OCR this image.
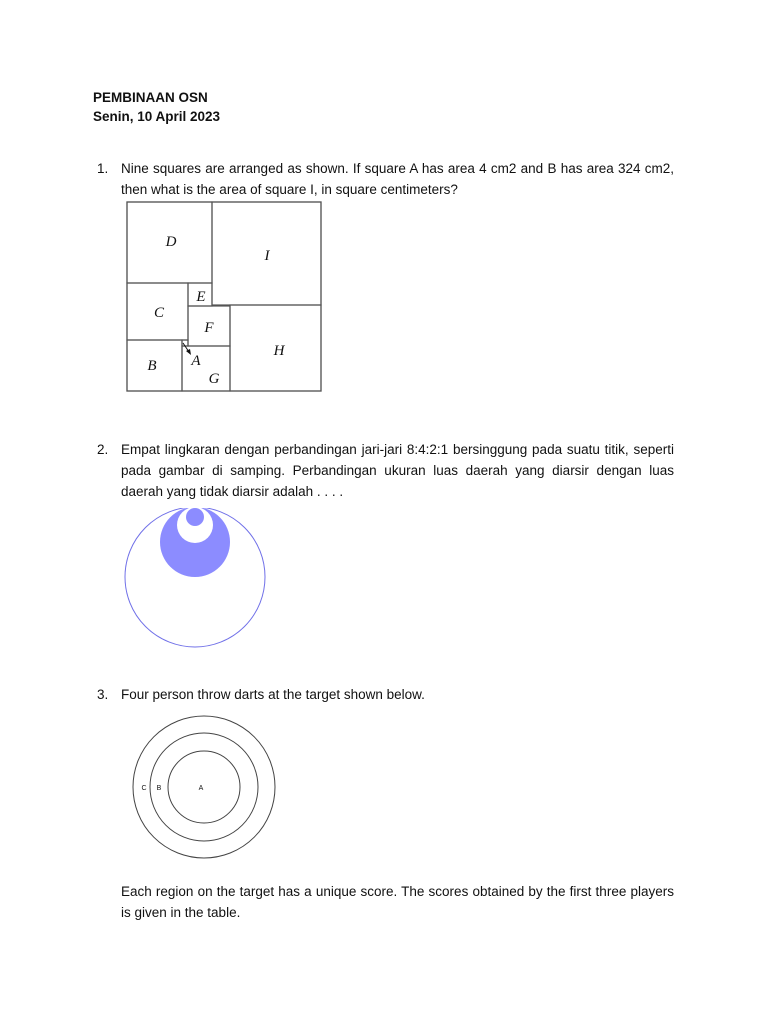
PEMBINAAN OSN
Senin, 10 April 2023
1. Nine squares are arranged as shown. If square A has area 4 cm2 and B has area 324 cm2, then what is the area of square I, in square centimeters?
D
I
E
C
F
H
B A
G
2. Empat lingkaran dengan perbandingan jari-jari 8:4:2:1 bersinggung pada suatu titik, seperti pada gambar di samping. Perbandingan ukuran luas daerah yang diarsir dengan luas daerah yang tidak diarsir adalah . . . .
3. Four person throw darts at the target shown below.
C B	A
Each region on the target has a unique score. The scores obtained by the first three players is given in the table.
